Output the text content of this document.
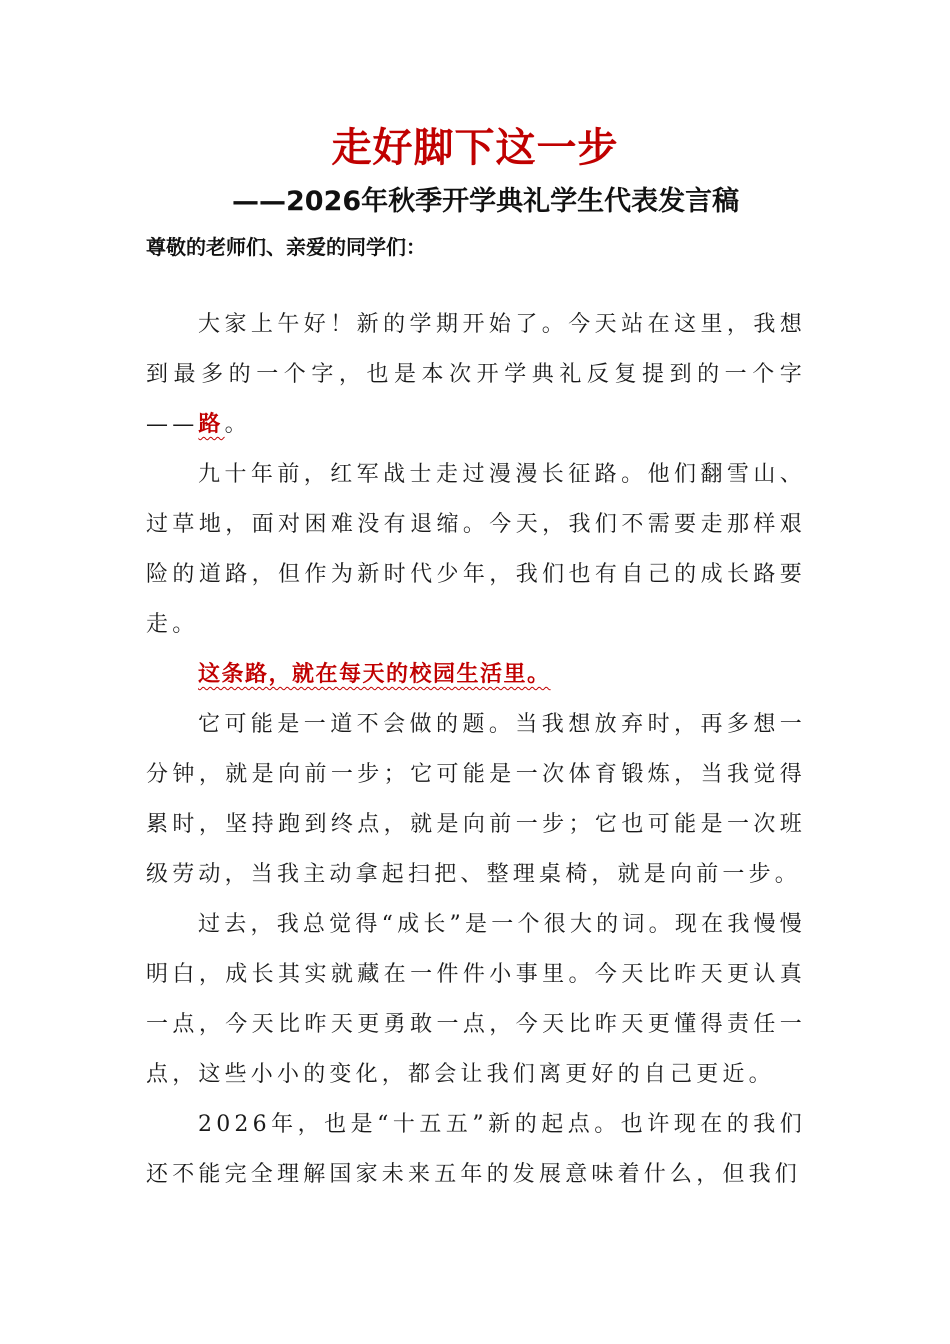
走好脚下这一步
——2026年秋季开学典礼学生代表发言稿
尊敬的老师们、亲爱的同学们：

大家上午好！新的学期开始了。今天站在这里，我想到最多的一个字，也是本次开学典礼反复提到的一个字——路。

九十年前，红军战士走过漫漫长征路。他们翻雪山、过草地，面对困难没有退缩。今天，我们不需要走那样艰险的道路，但作为新时代少年，我们也有自己的成长路要走。

这条路，就在每天的校园生活里。

它可能是一道不会做的题。当我想放弃时，再多想一分钟，就是向前一步；它可能是一次体育锻炼，当我觉得累时，坚持跑到终点，就是向前一步；它也可能是一次班级劳动，当我主动拿起扫把、整理桌椅，就是向前一步。

过去，我总觉得“成长”是一个很大的词。现在我慢慢明白，成长其实就藏在一件件小事里。今天比昨天更认真一点，今天比昨天更勇敢一点，今天比昨天更懂得责任一点，这些小小的变化，都会让我们离更好的自己更近。

2026年，也是“十五五”新的起点。也许现在的我们还不能完全理解国家未来五年的发展意味着什么，但我们
